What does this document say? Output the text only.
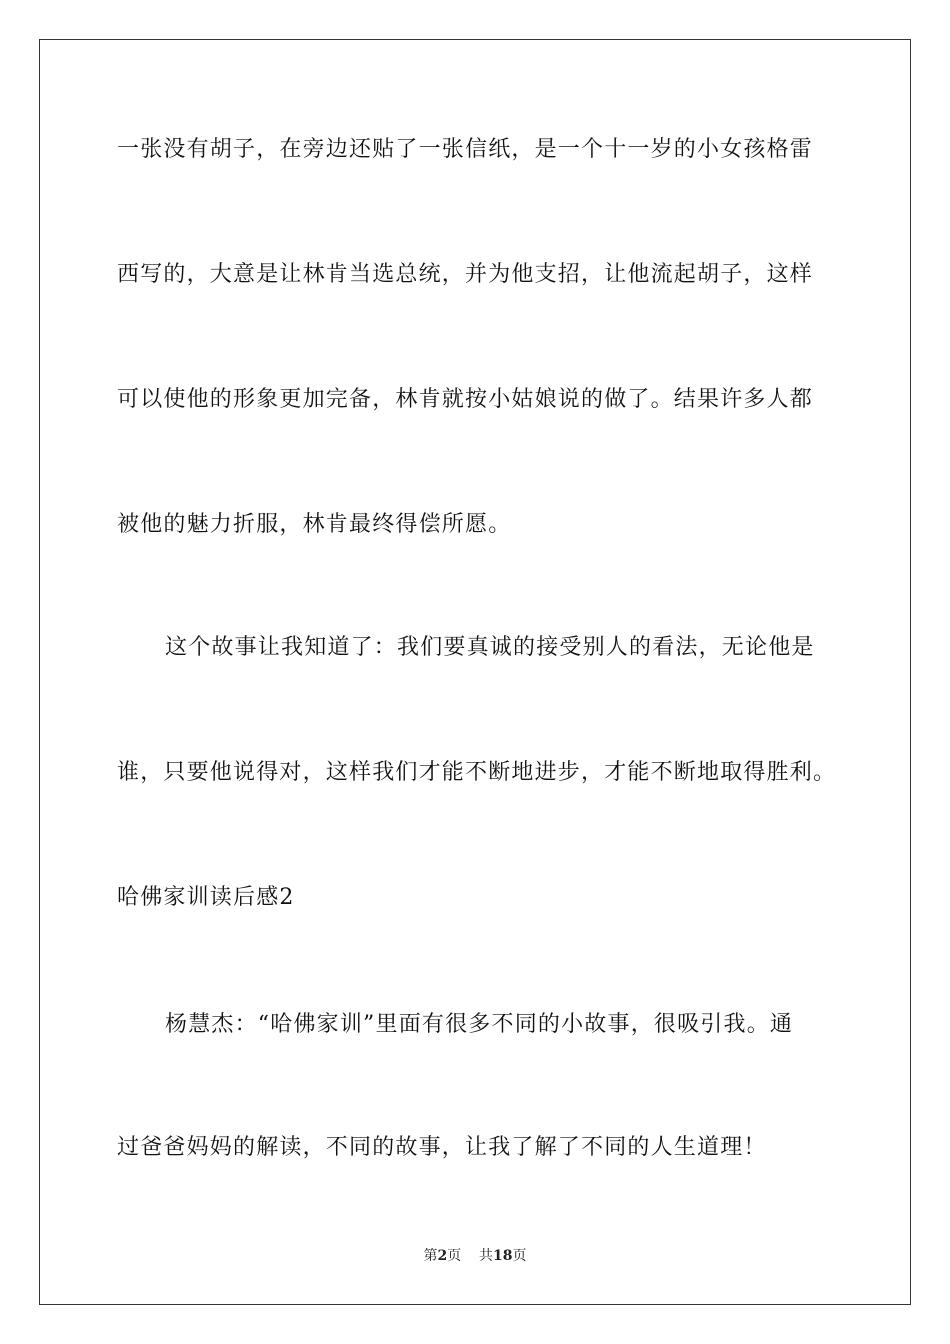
一张没有胡子，在旁边还贴了一张信纸，是一个十一岁的小女孩格雷
西写的，大意是让林肯当选总统，并为他支招，让他流起胡子，这样
可以使他的形象更加完备，林肯就按小姑娘说的做了。结果许多人都
被他的魅力折服，林肯最终得偿所愿。
这个故事让我知道了：我们要真诚的接受别人的看法，无论他是
谁，只要他说得对，这样我们才能不断地进步，才能不断地取得胜利。
哈佛家训读后感2
杨慧杰：“哈佛家训”里面有很多不同的小故事，很吸引我。通
过爸爸妈妈的解读，不同的故事，让我了解了不同的人生道理！
第2页 共18页
